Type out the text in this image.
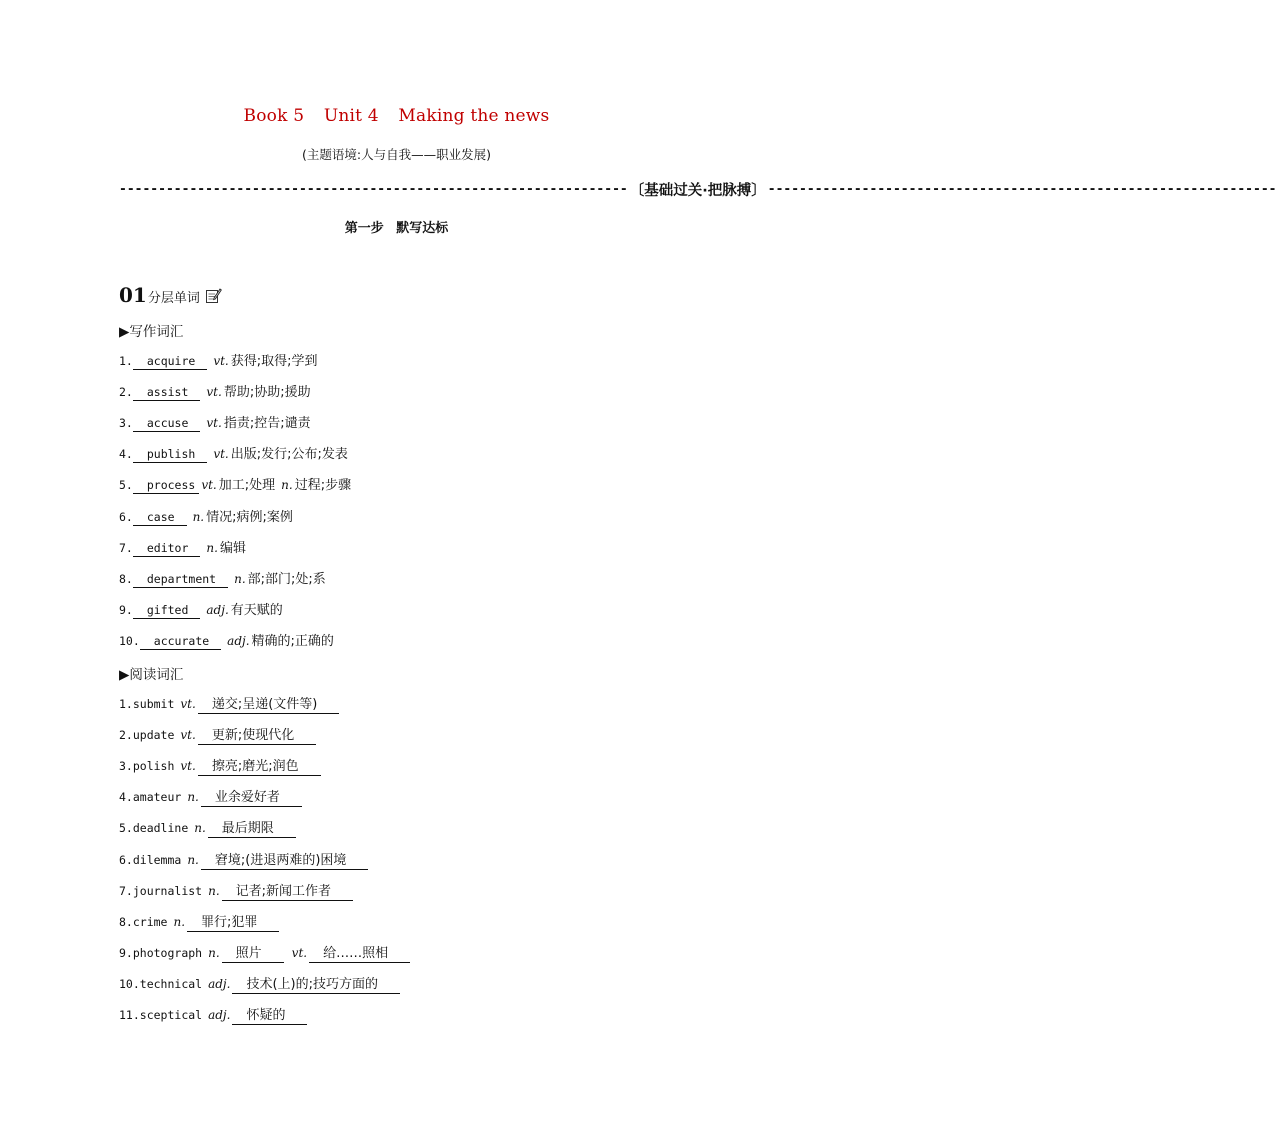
Book 5 Unit 4 Making the news
(主题语境:人与自我——职业发展)
----------------------------------------------------------------- 〔基础过关·把脉搏〕 -----------------------------------------------------------------
第一步 默写达标
01 分层单词
▶写作词汇
1. acquire vt. 获得;取得;学到
2. assist vt. 帮助;协助;援助
3. accuse vt. 指责;控告;谴责
4. publish vt. 出版;发行;公布;发表
5. process vt. 加工;处理 n. 过程;步骤
6. case n. 情况;病例;案例
7. editor n. 编辑
8. department n. 部;部门;处;系
9. gifted adj. 有天赋的
10. accurate adj. 精确的;正确的
▶阅读词汇
1.submit vt. 递交;呈递(文件等)
2.update vt. 更新;使现代化
3.polish vt. 擦亮;磨光;润色
4.amateur n. 业余爱好者
5.deadline n. 最后期限
6.dilemma n. 窘境;(进退两难的)困境
7.journalist n. 记者;新闻工作者
8.crime n. 罪行;犯罪
9.photograph n. 照片	vt. 给……照相
10.technical adj. 技术(上)的;技巧方面的
11.sceptical adj. 怀疑的
